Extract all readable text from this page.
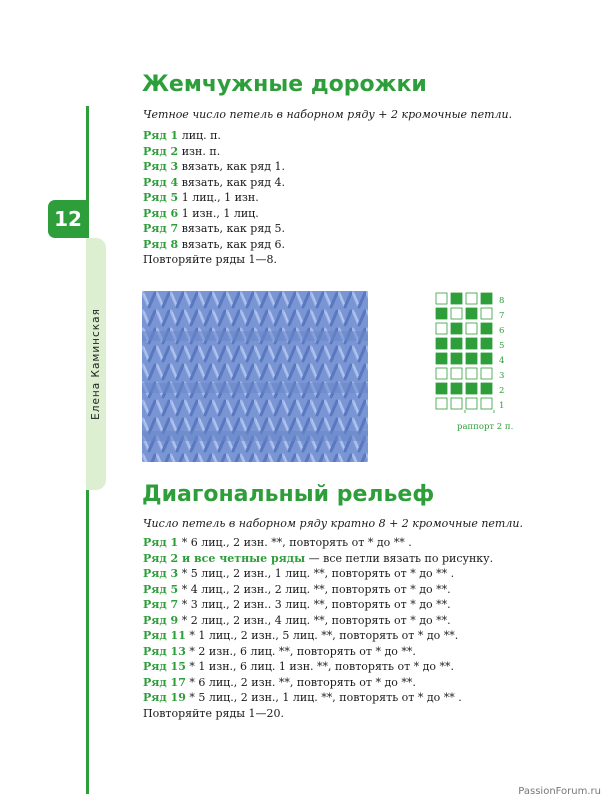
Елена Каминская
12
Жемчужные дорожки
Четное число петель в наборном ряду + 2 кромочные петли.
Ряд 1 лиц. п.
Ряд 2 изн. п.
Ряд 3 вязать, как ряд 1.
Ряд 4 вязать, как ряд 4.
Ряд 5 1 лиц., 1 изн.
Ряд 6 1 изн., 1 лиц.
Ряд 7 вязать, как ряд 5.
Ряд 8 вязать, как ряд 6.
Повторяйте ряды 1—8.
8
7
6
5
4
3
2
1
раппорт 2 п.
Диагональный рельеф
Число петель в наборном ряду кратно 8 + 2 кромочные петли.
Ряд 1 * 6 лиц., 2 изн. **, повторять от * до ** .
Ряд 2 и все четные ряды — все петли вязать по рисунку.
Ряд 3 * 5 лиц., 2 изн., 1 лиц. **, повторять от * до ** .
Ряд 5 * 4 лиц., 2 изн., 2 лиц. **, повторять от * до **.
Ряд 7 * 3 лиц., 2 изн.. 3 лиц. **, повторять от * до **.
Ряд 9 * 2 лиц., 2 изн., 4 лиц. **, повторять от * до **.
Ряд 11 * 1 лиц., 2 изн., 5 лиц. **, повторять от * до **.
Ряд 13 * 2 изн., 6 лиц. **, повторять от * до **.
Ряд 15 * 1 изн., 6 лиц. 1 изн. **, повторять от * до **.
Ряд 17 * 6 лиц., 2 изн. **, повторять от * до **.
Ряд 19 * 5 лиц., 2 изн., 1 лиц. **, повторять от * до ** .
Повторяйте ряды 1—20.
PassionForum.ru
